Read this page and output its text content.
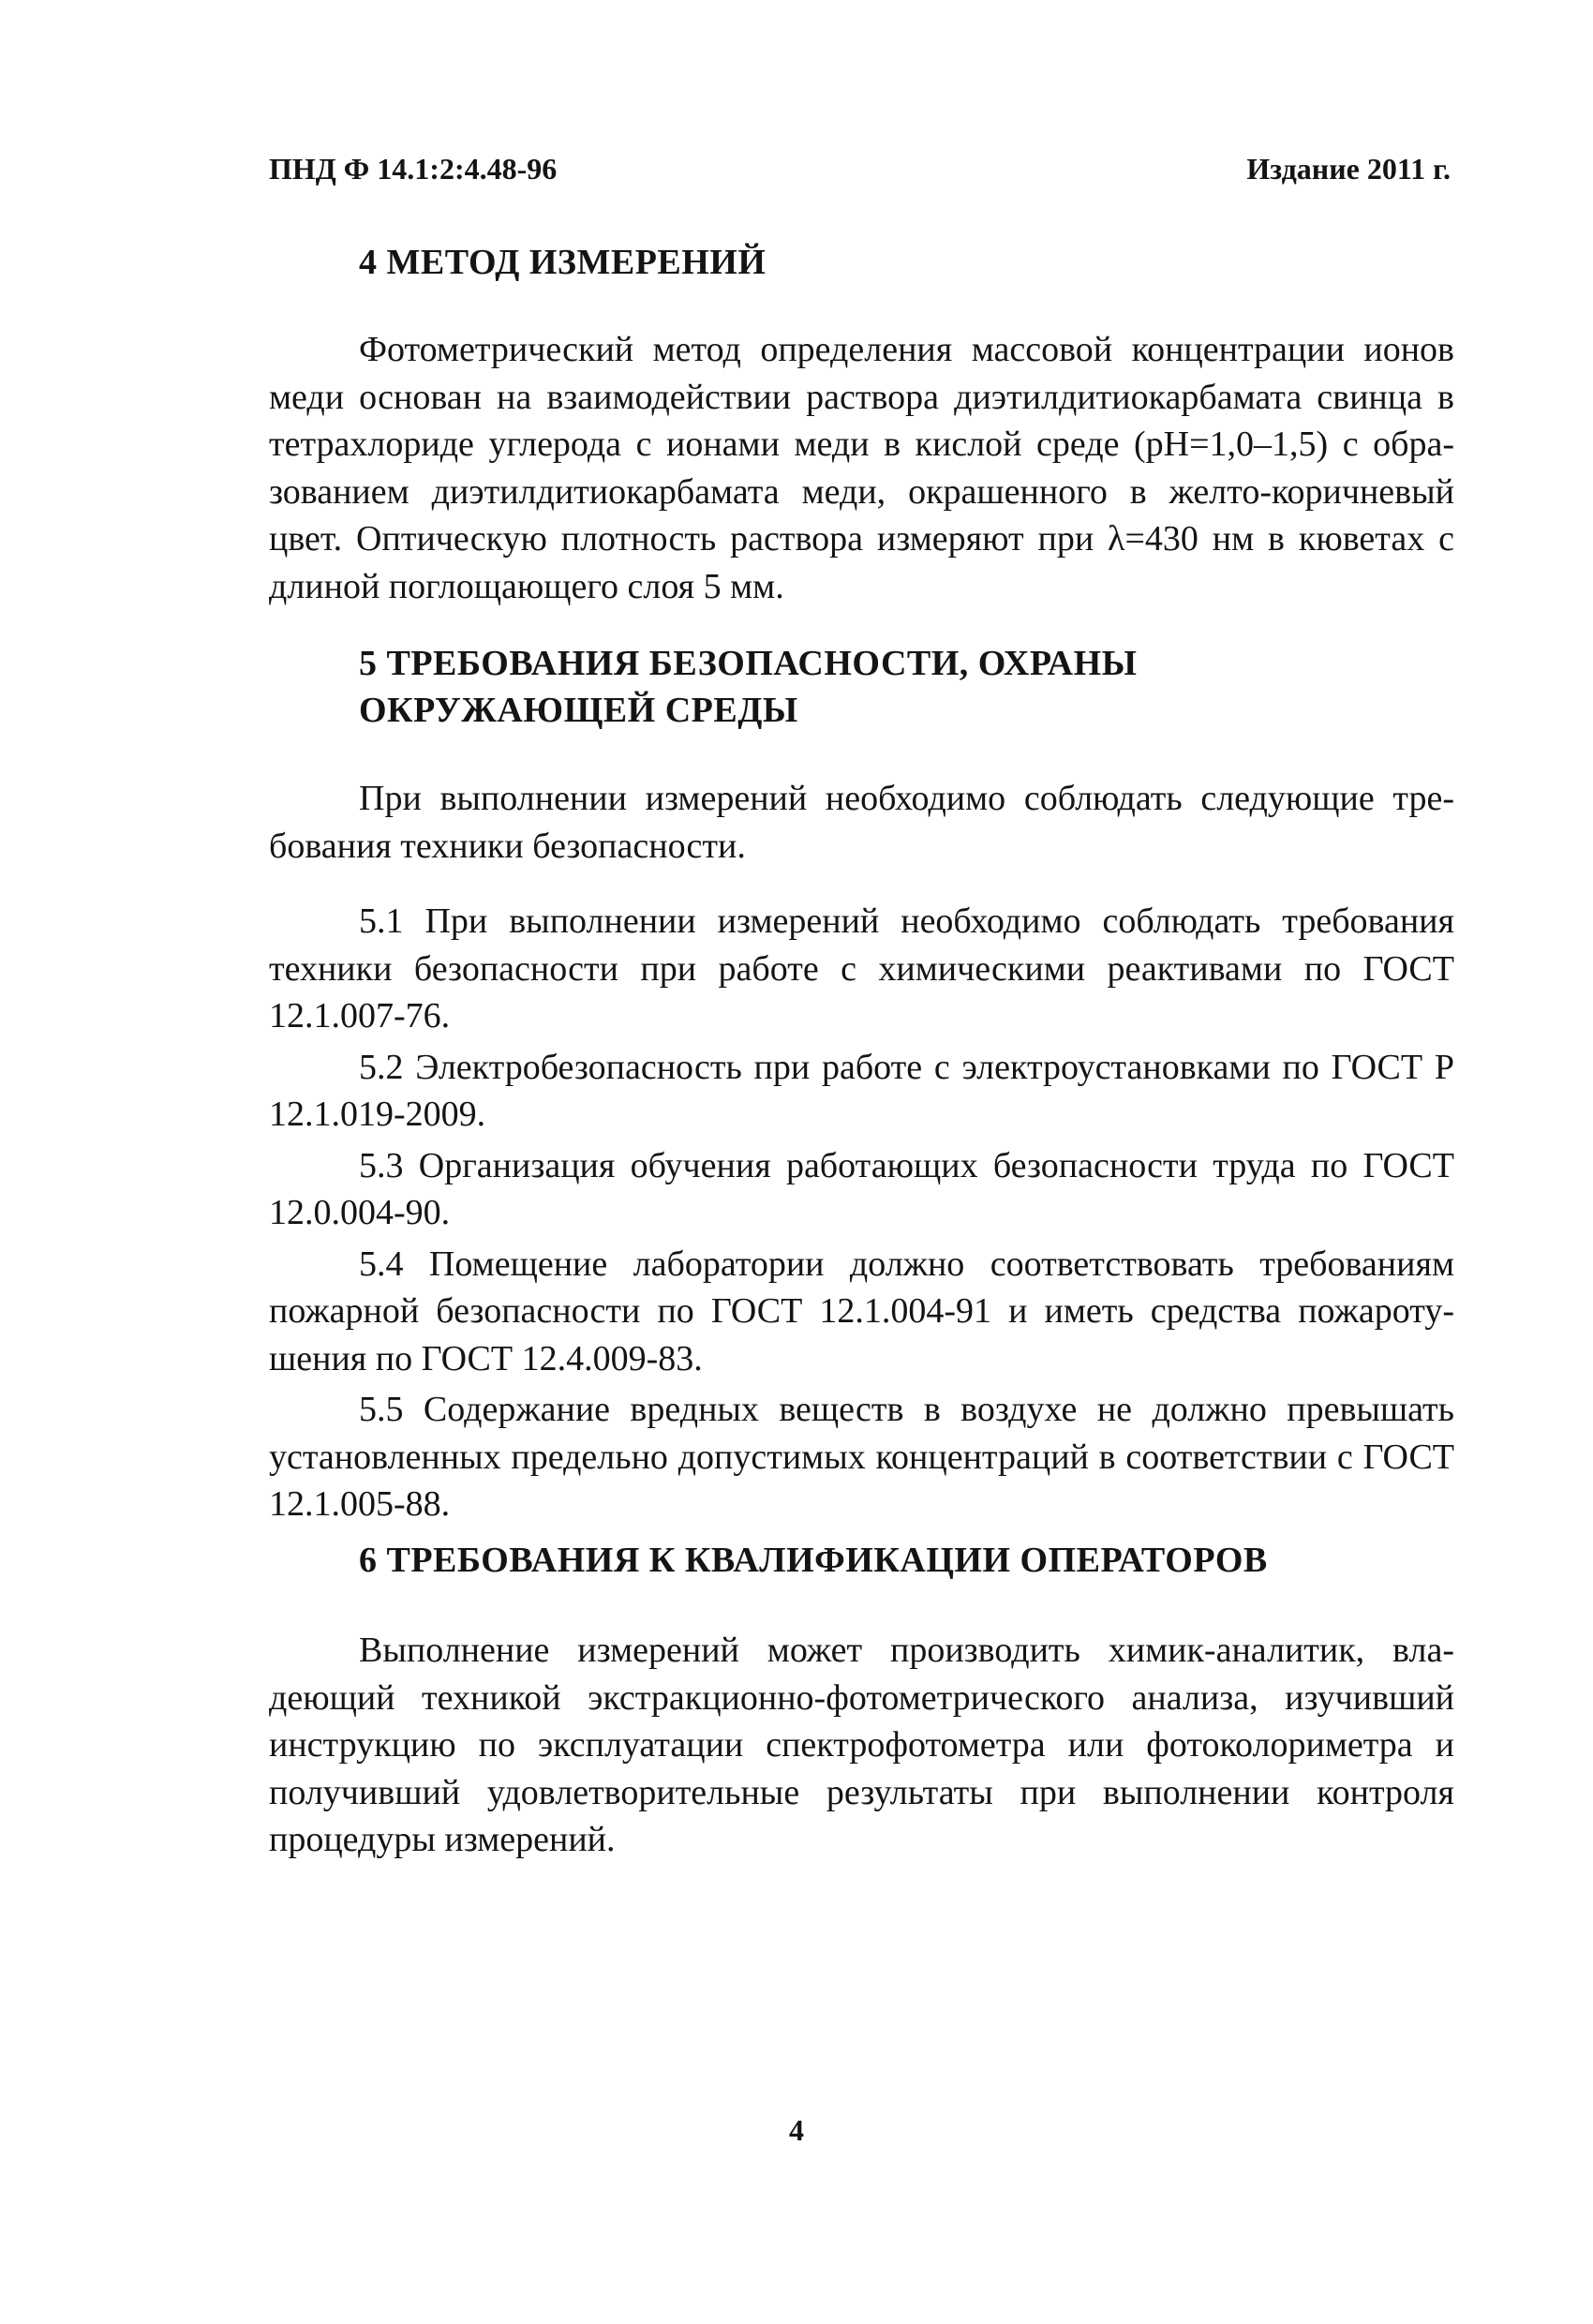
ПНД Ф 14.1:2:4.48-96	Издание 2011 г.
4 МЕТОД ИЗМЕРЕНИЙ

Фотометрический метод определения массовой концентрации ионов меди основан на взаимодействии раствора диэтилдитиокарбамата свинца в тетрахлориде углерода с ионами меди в кислой среде (рН=1,0–1,5) с образованием диэтилдитиокарбамата меди, окрашенного в желто-коричневый цвет. Оптическую плотность раствора измеряют при λ=430 нм в кюветах с длиной поглощающего слоя 5 мм.

5 ТРЕБОВАНИЯ БЕЗОПАСНОСТИ, ОХРАНЫ
ОКРУЖАЮЩЕЙ СРЕДЫ

При выполнении измерений необходимо соблюдать следующие требования техники безопасности.

5.1 При выполнении измерений необходимо соблюдать требования техники безопасности при работе с химическими реактивами по ГОСТ 12.1.007-76.

5.2 Электробезопасность при работе с электроустановками по ГОСТ Р 12.1.019-2009.

5.3 Организация обучения работающих безопасности труда по ГОСТ 12.0.004-90.

5.4 Помещение лаборатории должно соответствовать требованиям пожарной безопасности по ГОСТ 12.1.004-91 и иметь средства пожаротушения по ГОСТ 12.4.009-83.

5.5 Содержание вредных веществ в воздухе не должно превышать установленных предельно допустимых концентраций в соответствии с ГОСТ 12.1.005-88.

6 ТРЕБОВАНИЯ К КВАЛИФИКАЦИИ ОПЕРАТОРОВ

Выполнение измерений может производить химик-аналитик, владеющий техникой экстракционно-фотометрического анализа, изучивший инструкцию по эксплуатации спектрофотометра или фотоколориметра и получивший удовлетворительные результаты при выполнении контроля процедуры измерений.

4
